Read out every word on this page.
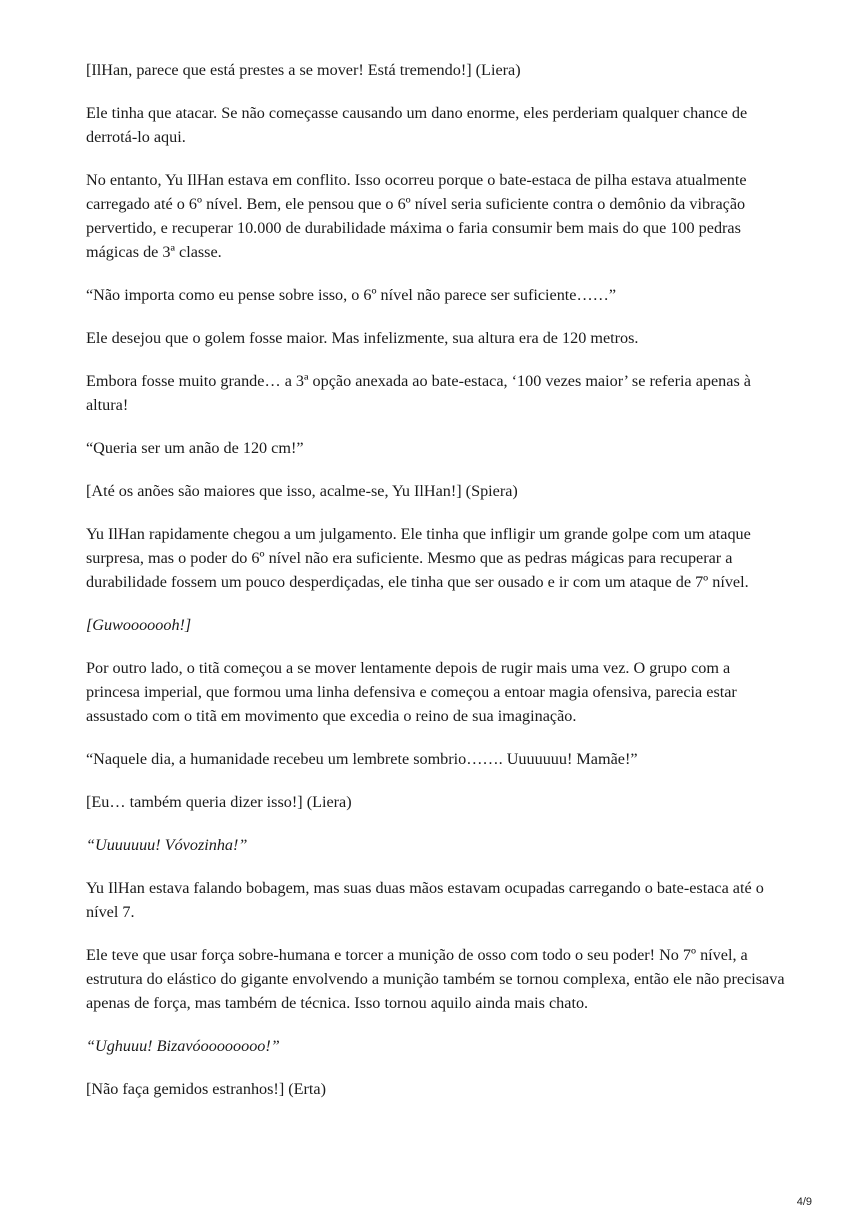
[IlHan, parece que está prestes a se mover! Está tremendo!] (Liera)

Ele tinha que atacar. Se não começasse causando um dano enorme, eles perderiam qualquer chance de derrotá-lo aqui.

No entanto, Yu IlHan estava em conflito. Isso ocorreu porque o bate-estaca de pilha estava atualmente carregado até o 6º nível. Bem, ele pensou que o 6º nível seria suficiente contra o demônio da vibração pervertido, e recuperar 10.000 de durabilidade máxima o faria consumir bem mais do que 100 pedras mágicas de 3ª classe.

“Não importa como eu pense sobre isso, o 6º nível não parece ser suficiente……”

Ele desejou que o golem fosse maior. Mas infelizmente, sua altura era de 120 metros.

Embora fosse muito grande… a 3ª opção anexada ao bate-estaca, ‘100 vezes maior’ se referia apenas à altura!

“Queria ser um anão de 120 cm!”

[Até os anões são maiores que isso, acalme-se, Yu IlHan!] (Spiera)

Yu IlHan rapidamente chegou a um julgamento. Ele tinha que infligir um grande golpe com um ataque surpresa, mas o poder do 6º nível não era suficiente. Mesmo que as pedras mágicas para recuperar a durabilidade fossem um pouco desperdiçadas, ele tinha que ser ousado e ir com um ataque de 7º nível.

[Guwooooooh!]

Por outro lado, o titã começou a se mover lentamente depois de rugir mais uma vez. O grupo com a princesa imperial, que formou uma linha defensiva e começou a entoar magia ofensiva, parecia estar assustado com o titã em movimento que excedia o reino de sua imaginação.

“Naquele dia, a humanidade recebeu um lembrete sombrio……. Uuuuuuu! Mamãe!”

[Eu… também queria dizer isso!] (Liera)

“Uuuuuuu! Vóvozinha!”

Yu IlHan estava falando bobagem, mas suas duas mãos estavam ocupadas carregando o bate-estaca até o nível 7.

Ele teve que usar força sobre-humana e torcer a munição de osso com todo o seu poder! No 7º nível, a estrutura do elástico do gigante envolvendo a munição também se tornou complexa, então ele não precisava apenas de força, mas também de técnica. Isso tornou aquilo ainda mais chato.

“Ughuuu! Bizavóoooooooo!”

[Não faça gemidos estranhos!] (Erta)

4/9
